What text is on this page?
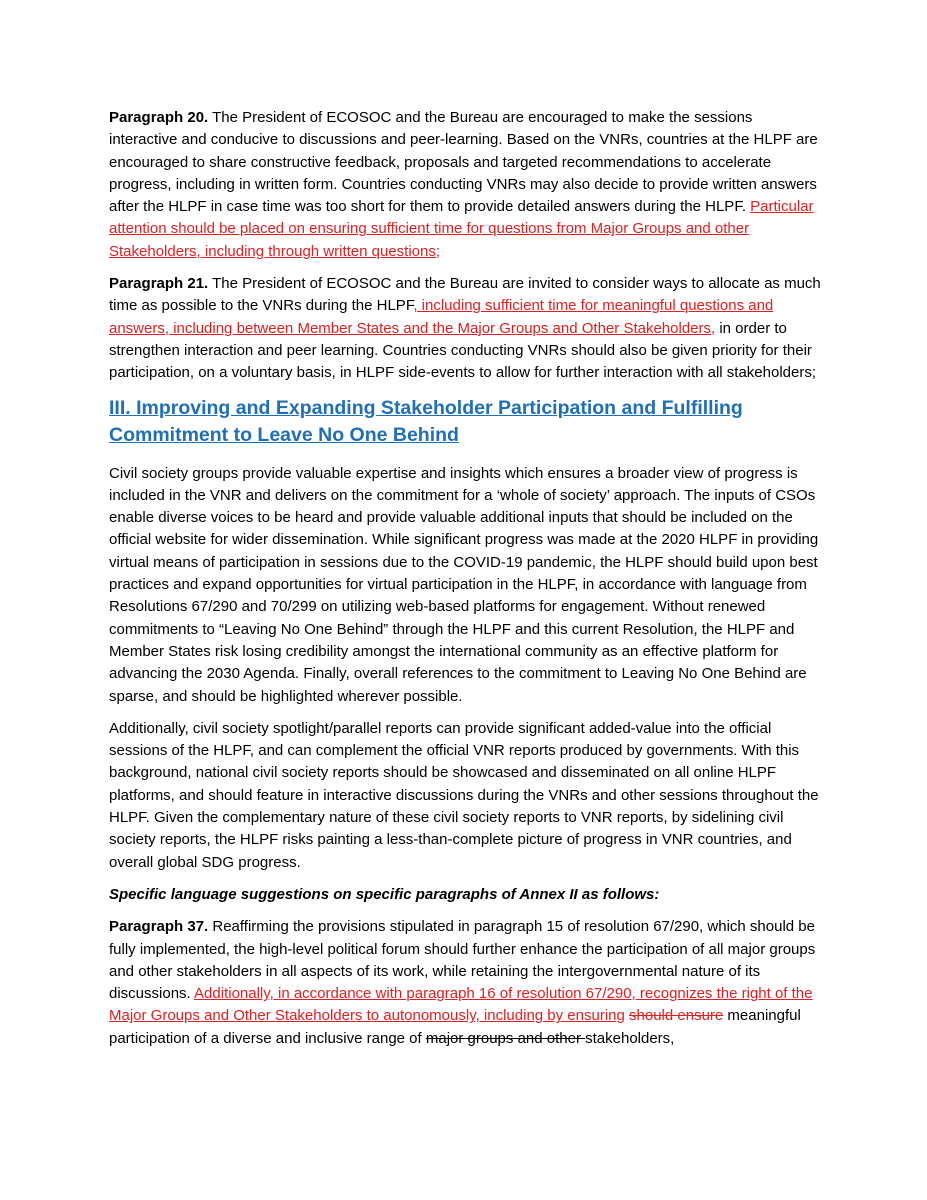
Paragraph 20. The President of ECOSOC and the Bureau are encouraged to make the sessions interactive and conducive to discussions and peer-learning. Based on the VNRs, countries at the HLPF are encouraged to share constructive feedback, proposals and targeted recommendations to accelerate progress, including in written form. Countries conducting VNRs may also decide to provide written answers after the HLPF in case time was too short for them to provide detailed answers during the HLPF. Particular attention should be placed on ensuring sufficient time for questions from Major Groups and other Stakeholders, including through written questions;

Paragraph 21. The President of ECOSOC and the Bureau are invited to consider ways to allocate as much time as possible to the VNRs during the HLPF, including sufficient time for meaningful questions and answers, including between Member States and the Major Groups and Other Stakeholders, in order to strengthen interaction and peer learning. Countries conducting VNRs should also be given priority for their participation, on a voluntary basis, in HLPF side-events to allow for further interaction with all stakeholders;

III. Improving and Expanding Stakeholder Participation and Fulfilling Commitment to Leave No One Behind

Civil society groups provide valuable expertise and insights which ensures a broader view of progress is included in the VNR and delivers on the commitment for a ‘whole of society’ approach. The inputs of CSOs enable diverse voices to be heard and provide valuable additional inputs that should be included on the official website for wider dissemination. While significant progress was made at the 2020 HLPF in providing virtual means of participation in sessions due to the COVID-19 pandemic, the HLPF should build upon best practices and expand opportunities for virtual participation in the HLPF, in accordance with language from Resolutions 67/290 and 70/299 on utilizing web-based platforms for engagement. Without renewed commitments to “Leaving No One Behind” through the HLPF and this current Resolution, the HLPF and Member States risk losing credibility amongst the international community as an effective platform for advancing the 2030 Agenda. Finally, overall references to the commitment to Leaving No One Behind are sparse, and should be highlighted wherever possible.

Additionally, civil society spotlight/parallel reports can provide significant added-value into the official sessions of the HLPF, and can complement the official VNR reports produced by governments. With this background, national civil society reports should be showcased and disseminated on all online HLPF platforms, and should feature in interactive discussions during the VNRs and other sessions throughout the HLPF. Given the complementary nature of these civil society reports to VNR reports, by sidelining civil society reports, the HLPF risks painting a less-than-complete picture of progress in VNR countries, and overall global SDG progress.

Specific language suggestions on specific paragraphs of Annex II as follows:

Paragraph 37. Reaffirming the provisions stipulated in paragraph 15 of resolution 67/290, which should be fully implemented, the high-level political forum should further enhance the participation of all major groups and other stakeholders in all aspects of its work, while retaining the intergovernmental nature of its discussions. Additionally, in accordance with paragraph 16 of resolution 67/290, recognizes the right of the Major Groups and Other Stakeholders to autonomously, including by ensuring should ensure meaningful participation of a diverse and inclusive range of major groups and other stakeholders,
